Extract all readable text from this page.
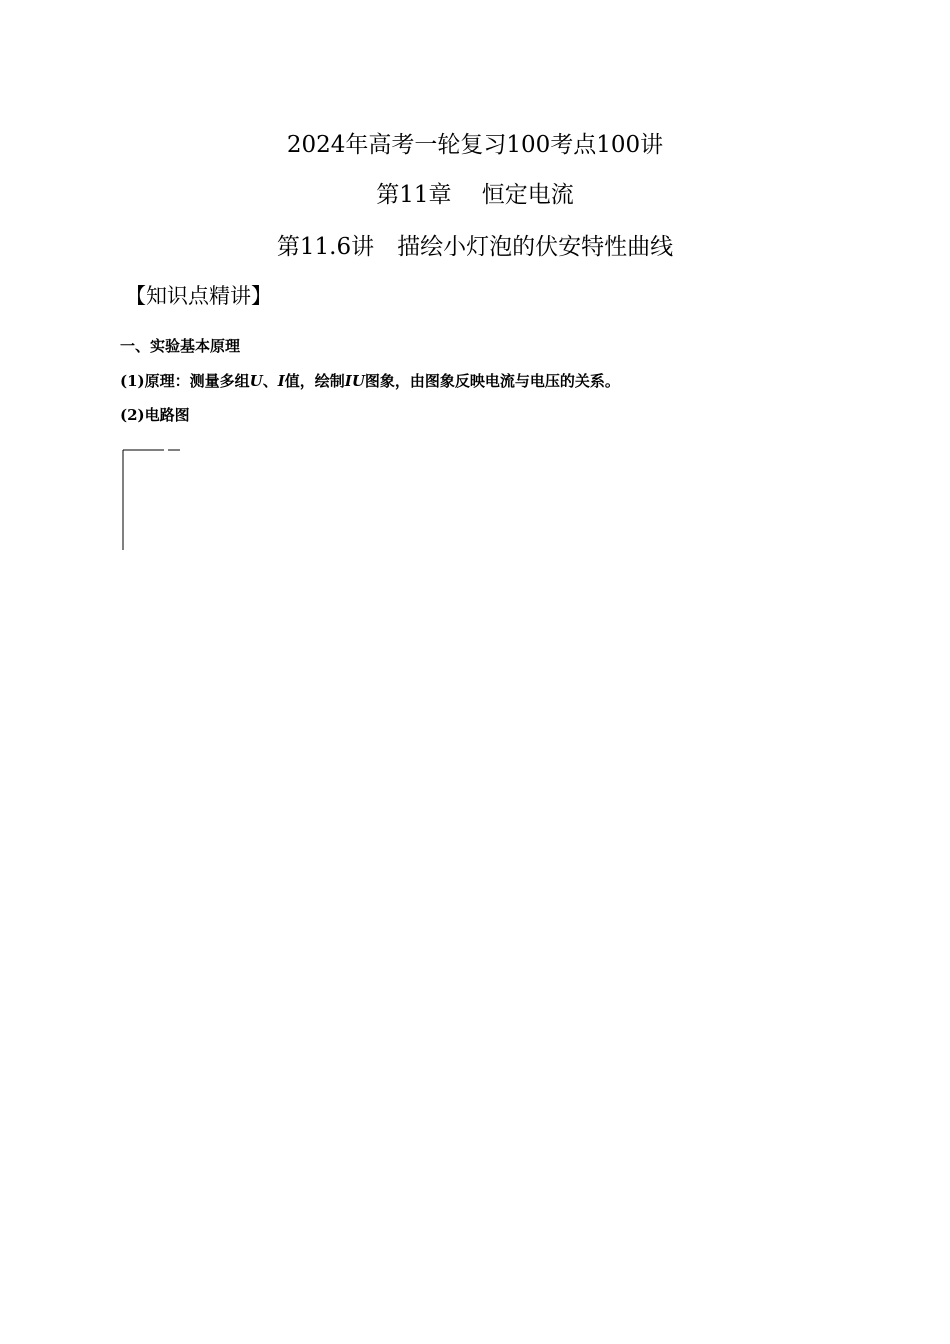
2024年高考一轮复习100考点100讲
第11章　 恒定电流
第11.6讲　描绘小灯泡的伏安特性曲线
【知识点精讲】
一、实验基本原理
(1)原理：测量多组U、I值，绘制IU图象，由图象反映电流与电压的关系。
(2)电路图
